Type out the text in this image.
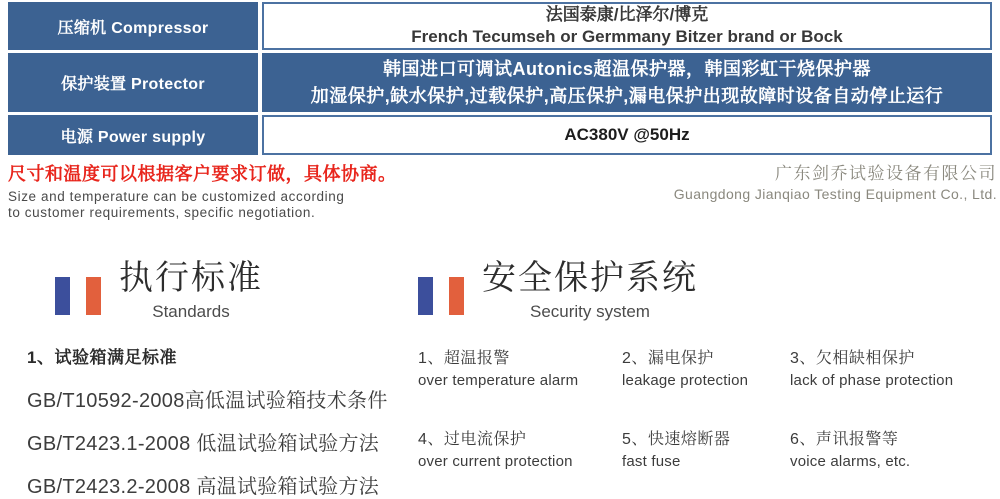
压缩机 Compressor
法国泰康/比泽尔/博克
French Tecumseh or Germmany Bitzer brand or Bock
保护装置 Protector
韩国进口可调试Autonics超温保护器，韩国彩虹干烧保护器
加湿保护,缺水保护,过载保护,高压保护,漏电保护出现故障时设备自动停止运行
电源 Power supply	AC380V @50Hz
尺寸和温度可以根据客户要求订做，具体协商。
Size and temperature can be customized according
to customer requirements, specific negotiation.
广东剑乔试验设备有限公司
Guangdong Jianqiao Testing Equipment Co., Ltd.
执行标准
Standards
安全保护系统
Security system
1、试验箱满足标准
GB/T10592-2008高低温试验箱技术条件
GB/T2423.1-2008 低温试验箱试验方法
GB/T2423.2-2008 高温试验箱试验方法
1、超温报警
over temperature alarm
2、漏电保护
leakage protection
3、欠相缺相保护
lack of phase protection
4、过电流保护
over current protection
5、快速熔断器
fast fuse
6、声讯报警等
voice alarms, etc.
